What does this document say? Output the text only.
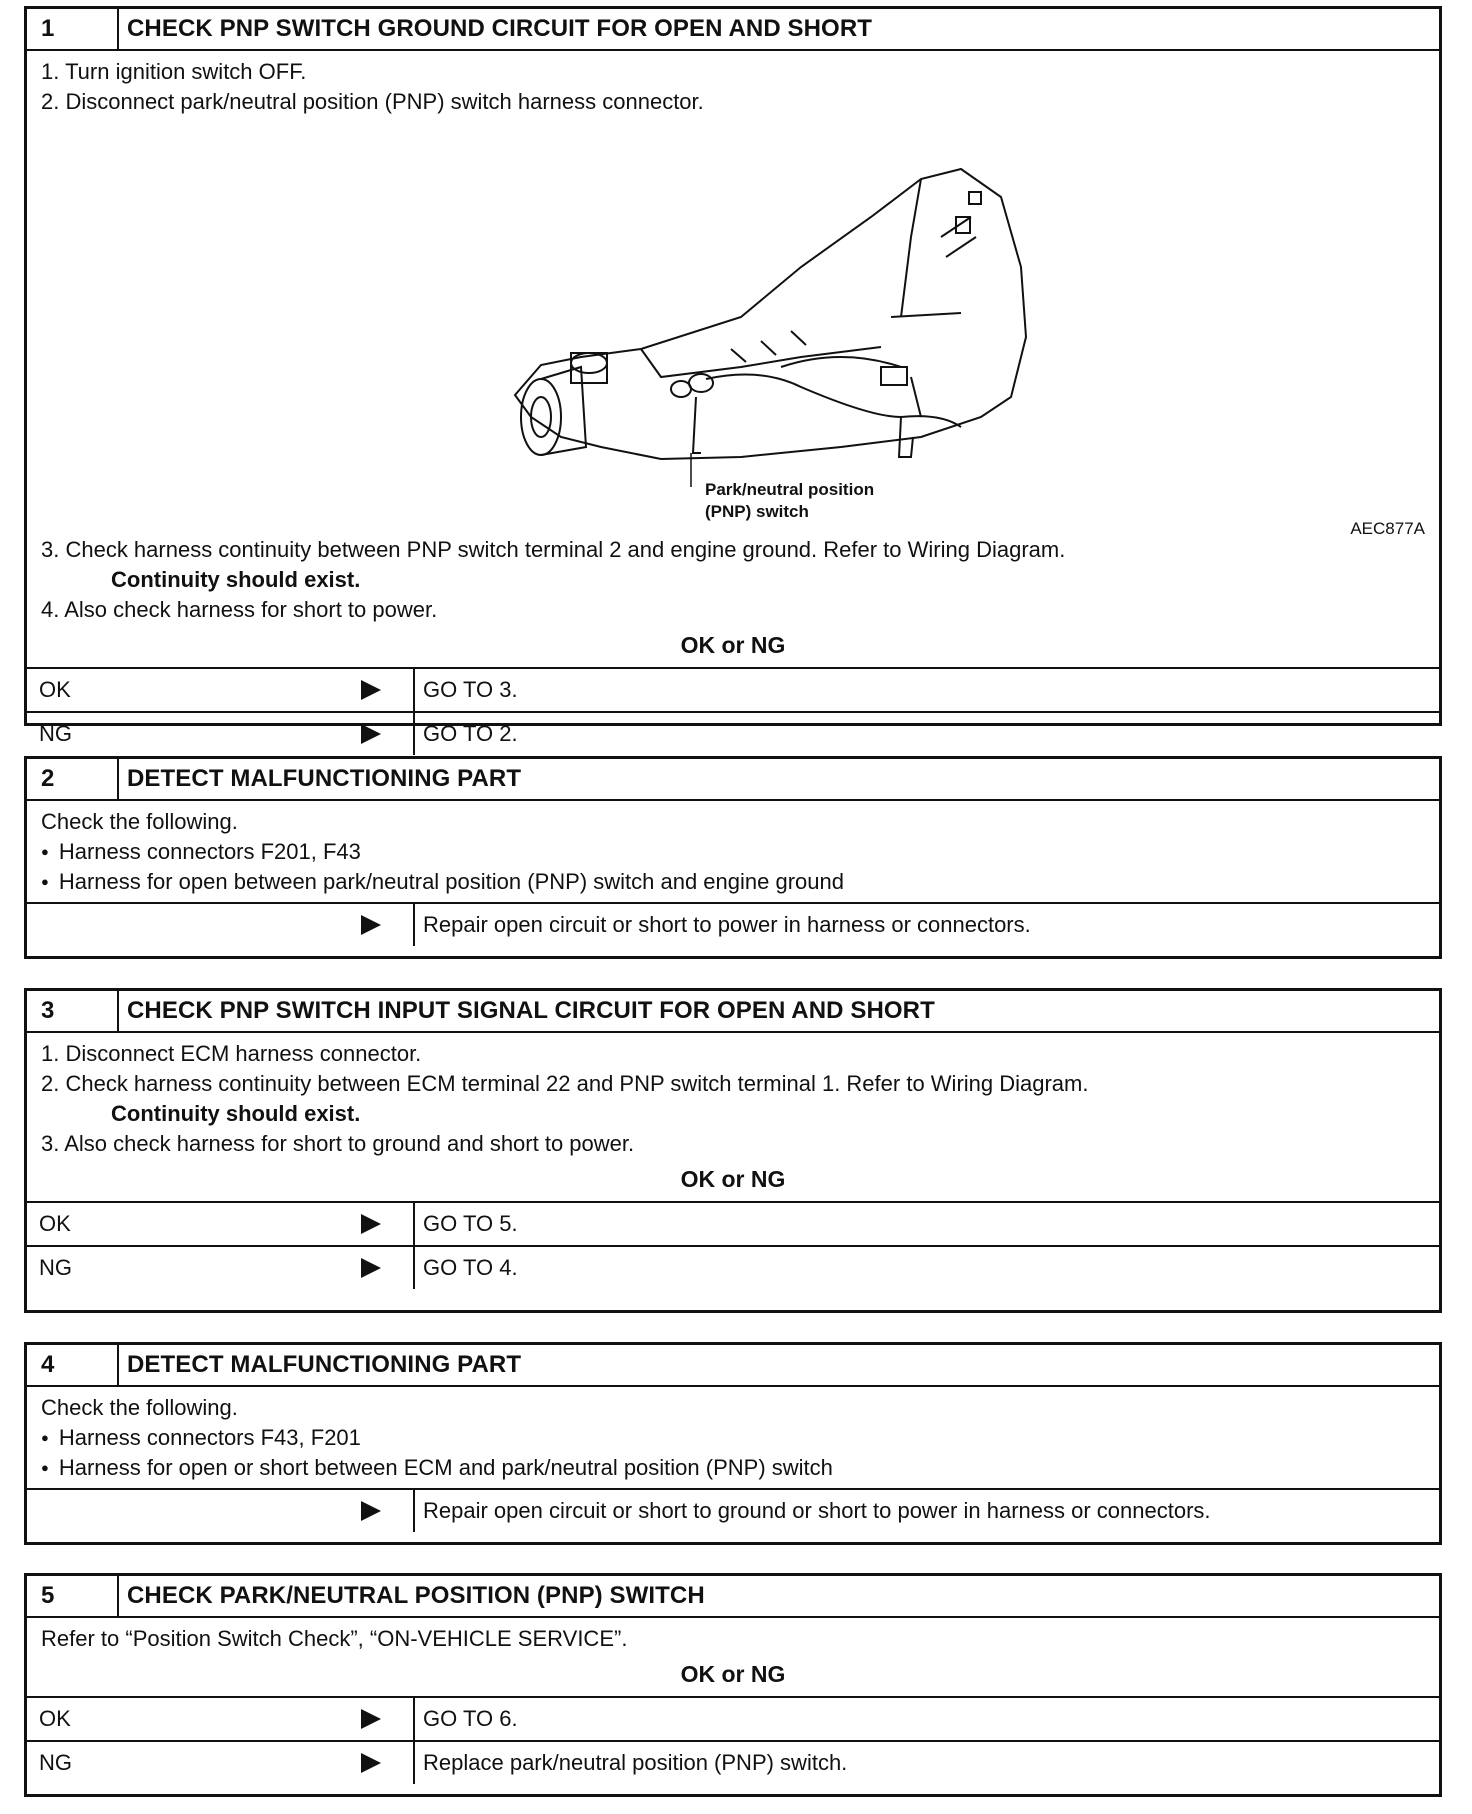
1	CHECK PNP SWITCH GROUND CIRCUIT FOR OPEN AND SHORT
1. Turn ignition switch OFF.
2. Disconnect park/neutral position (PNP) switch harness connector.
Park/neutral position
(PNP) switch
AEC877A
3. Check harness continuity between PNP switch terminal 2 and engine ground. Refer to Wiring Diagram.
Continuity should exist.
4. Also check harness for short to power.
OK or NG
OK	GO TO 3.
NG	GO TO 2.
2	DETECT MALFUNCTIONING PART
Check the following.
● Harness connectors F201, F43
● Harness for open between park/neutral position (PNP) switch and engine ground
Repair open circuit or short to power in harness or connectors.
3	CHECK PNP SWITCH INPUT SIGNAL CIRCUIT FOR OPEN AND SHORT
1. Disconnect ECM harness connector.
2. Check harness continuity between ECM terminal 22 and PNP switch terminal 1. Refer to Wiring Diagram.
Continuity should exist.
3. Also check harness for short to ground and short to power.
OK or NG
OK	GO TO 5.
NG	GO TO 4.
4	DETECT MALFUNCTIONING PART
Check the following.
● Harness connectors F43, F201
● Harness for open or short between ECM and park/neutral position (PNP) switch
Repair open circuit or short to ground or short to power in harness or connectors.
5	CHECK PARK/NEUTRAL POSITION (PNP) SWITCH
Refer to “Position Switch Check”, “ON-VEHICLE SERVICE”.
OK or NG
OK	GO TO 6.
NG	Replace park/neutral position (PNP) switch.
